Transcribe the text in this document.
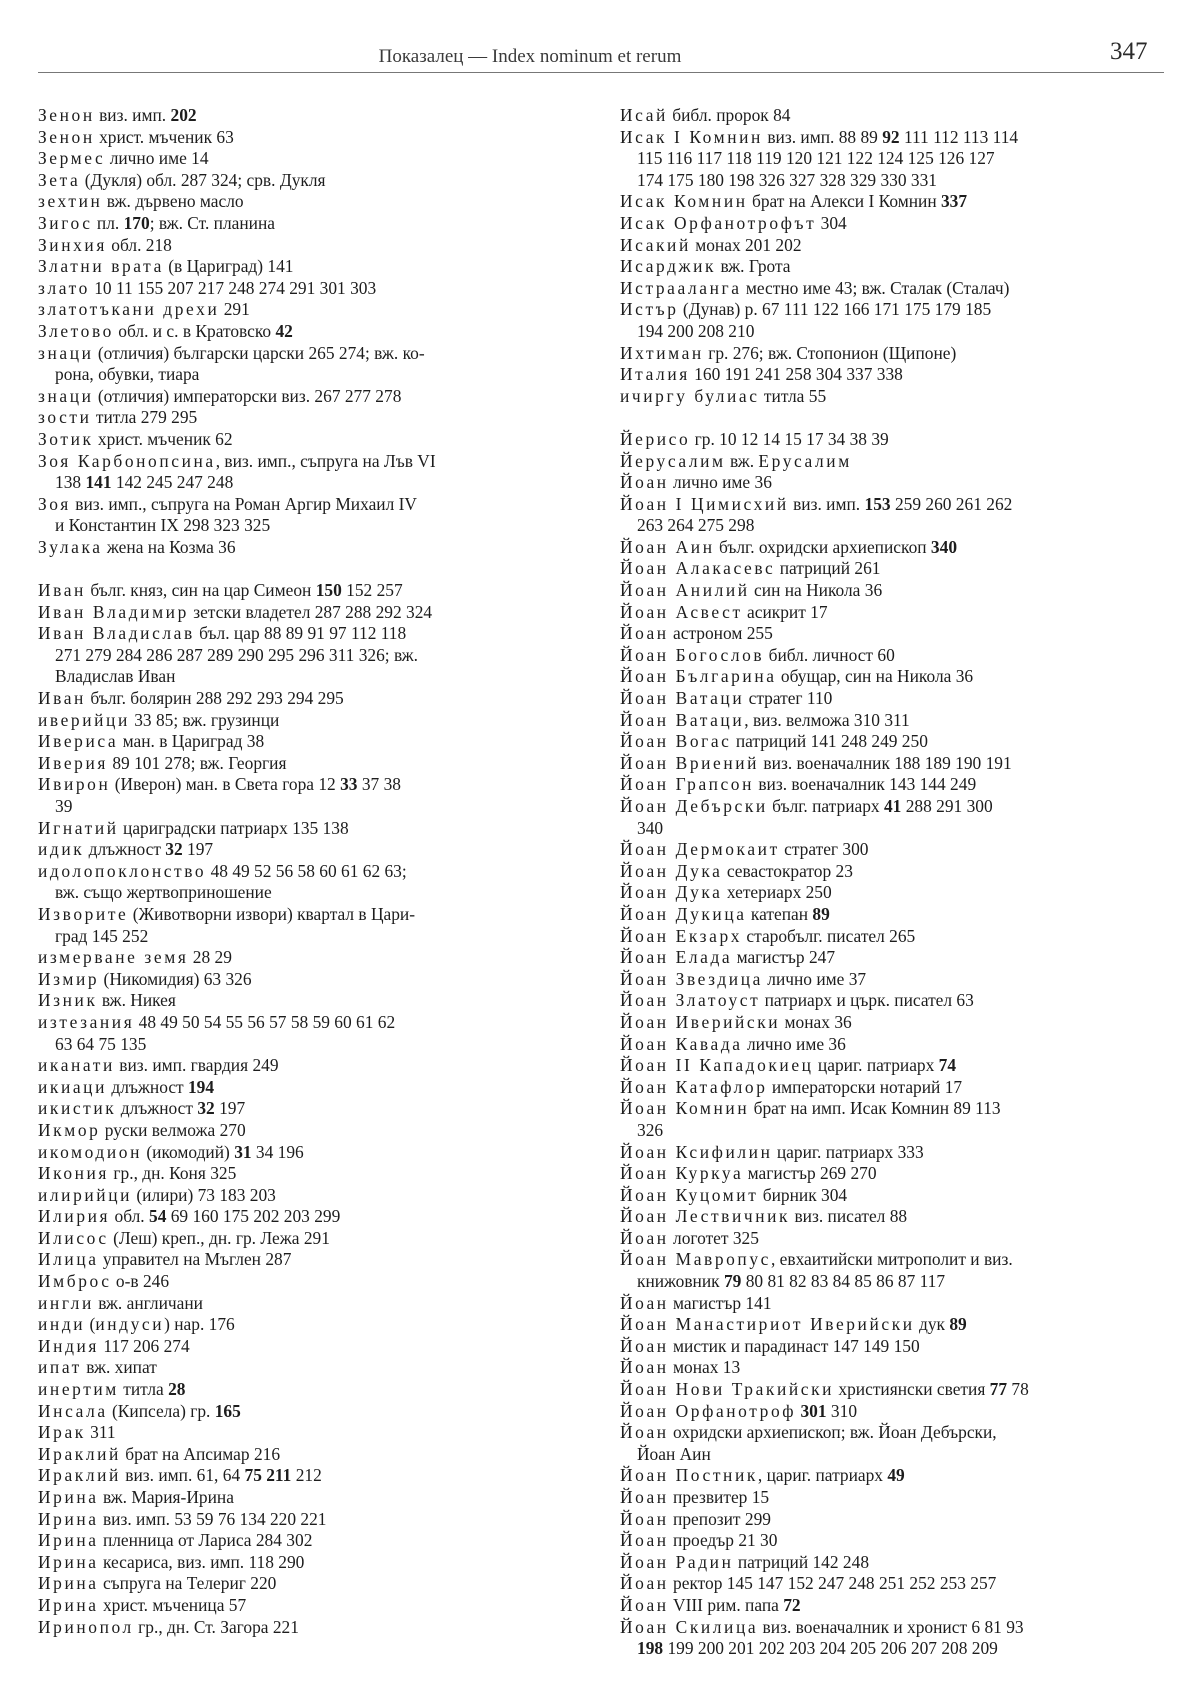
Показалец — Index nominum et rerum	347
Зенон виз. имп. 202
Зенон христ. мъченик 63
Зермес лично име 14
Зета (Дукля) обл. 287 324; срв. Дукля
зехтин вж. дървено масло
Зигос пл. 170; вж. Ст. планина
Зинхия обл. 218
Златни врата (в Цариград) 141
злато 10 11 155 207 217 248 274 291 301 303
златотъкани дрехи 291
Злетово обл. и с. в Кратовско 42
знаци (отличия) български царски 265 274; вж. ко-
рона, обувки, тиара
знаци (отличия) императорски виз. 267 277 278
зости титла 279 295
Зотик христ. мъченик 62
Зоя Карбонопсина, виз. имп., съпруга на Лъв VI
138 141 142 245 247 248
Зоя виз. имп., съпруга на Роман Аргир Михаил IV
и Константин IX 298 323 325
Зулака жена на Козма 36
Иван бълг. княз, син на цар Симеон 150 152 257
Иван Владимир зетски владетел 287 288 292 324
Иван Владислав бъл. цар 88 89 91 97 112 118
271 279 284 286 287 289 290 295 296 311 326; вж.
Владислав Иван
Иван бълг. болярин 288 292 293 294 295
иверийци 33 85; вж. грузинци
Ивериса ман. в Цариград 38
Иверия 89 101 278; вж. Георгия
Ивирон (Иверон) ман. в Света гора 12 33 37 38
39
Игнатий цариградски патриарх 135 138
идик длъжност 32 197
идолопоклонство 48 49 52 56 58 60 61 62 63;
вж. също жертвоприношение
Изворите (Животворни извори) квартал в Цари-
град 145 252
измерване земя 28 29
Измир (Никомидия) 63 326
Изник вж. Никея
изтезания 48 49 50 54 55 56 57 58 59 60 61 62
63 64 75 135
иканати виз. имп. гвардия 249
икиаци длъжност 194
икистик длъжност 32 197
Икмор руски велможа 270
икомодион (икомодий) 31 34 196
Икония гр., дн. Коня 325
илирийци (илири) 73 183 203
Илирия обл. 54 69 160 175 202 203 299
Илисос (Леш) креп., дн. гр. Лежа 291
Илица управител на Мъглен 287
Имброс о-в 246
ингли вж. англичани
инди (индуси) нар. 176
Индия 117 206 274
ипат вж. хипат
инертим титла 28
Инсала (Кипсела) гр. 165
Ирак 311
Ираклий брат на Апсимар 216
Ираклий виз. имп. 61, 64 75 211 212
Ирина вж. Мария-Ирина
Ирина виз. имп. 53 59 76 134 220 221
Ирина пленница от Лариса 284 302
Ирина кесариса, виз. имп. 118 290
Ирина съпруга на Телериг 220
Ирина христ. мъченица 57
Иринопол гр., дн. Ст. Загора 221
Исай библ. пророк 84
Исак I Комнин виз. имп. 88 89 92 111 112 113 114
115 116 117 118 119 120 121 122 124 125 126 127
174 175 180 198 326 327 328 329 330 331
Исак Комнин брат на Алекси I Комнин 337
Исак Орфанотрофът 304
Исакий монах 201 202
Исарджик вж. Грота
Истрааланга местно име 43; вж. Сталак (Сталач)
Истър (Дунав) р. 67 111 122 166 171 175 179 185
194 200 208 210
Ихтиман гр. 276; вж. Стопонион (Щипоне)
Италия 160 191 241 258 304 337 338
ичиргу булиас титла 55
Йерисо гр. 10 12 14 15 17 34 38 39
Йерусалим вж. Ерусалим
Йоан лично име 36
Йоан I Цимисхий виз. имп. 153 259 260 261 262
263 264 275 298
Йоан Аин бълг. охридски архиепископ 340
Йоан Алакасевс патриций 261
Йоан Анилий син на Никола 36
Йоан Асвест асикрит 17
Йоан астроном 255
Йоан Богослов библ. личност 60
Йоан Българина обущар, син на Никола 36
Йоан Ватаци стратег 110
Йоан Ватаци, виз. велможа 310 311
Йоан Вогас патриций 141 248 249 250
Йоан Вриений виз. военачалник 188 189 190 191
Йоан Грапсон виз. военачалник 143 144 249
Йоан Дебърски бълг. патриарх 41 288 291 300
340
Йоан Дермокаит стратег 300
Йоан Дука севастократор 23
Йоан Дука хетериарх 250
Йоан Дукица катепан 89
Йоан Екзарх старобълг. писател 265
Йоан Елада магистър 247
Йоан Звездица лично име 37
Йоан Златоуст патриарх и църк. писател 63
Йоан Иверийски монах 36
Йоан Кавада лично име 36
Йоан II Кападокиец цариг. патриарх 74
Йоан Катафлор императорски нотарий 17
Йоан Комнин брат на имп. Исак Комнин 89 113
326
Йоан Ксифилин цариг. патриарх 333
Йоан Куркуа магистър 269 270
Йоан Куцомит бирник 304
Йоан Лествичник виз. писател 88
Йоан логотет 325
Йоан Мавропус, евхаитийски митрополит и виз.
книжовник 79 80 81 82 83 84 85 86 87 117
Йоан магистър 141
Йоан Манастириот Иверийски дук 89
Йоан мистик и парадинаст 147 149 150
Йоан монах 13
Йоан Нови Тракийски християнски светия 77 78
Йоан Орфанотроф 301 310
Йоан охридски архиепископ; вж. Йоан Дебърски,
Йоан Аин
Йоан Постник, цариг. патриарх 49
Йоан презвитер 15
Йоан препозит 299
Йоан проедър 21 30
Йоан Радин патриций 142 248
Йоан ректор 145 147 152 247 248 251 252 253 257
Йоан VIII рим. папа 72
Йоан Скилица виз. военачалник и хронист 6 81 93
198 199 200 201 202 203 204 205 206 207 208 209
